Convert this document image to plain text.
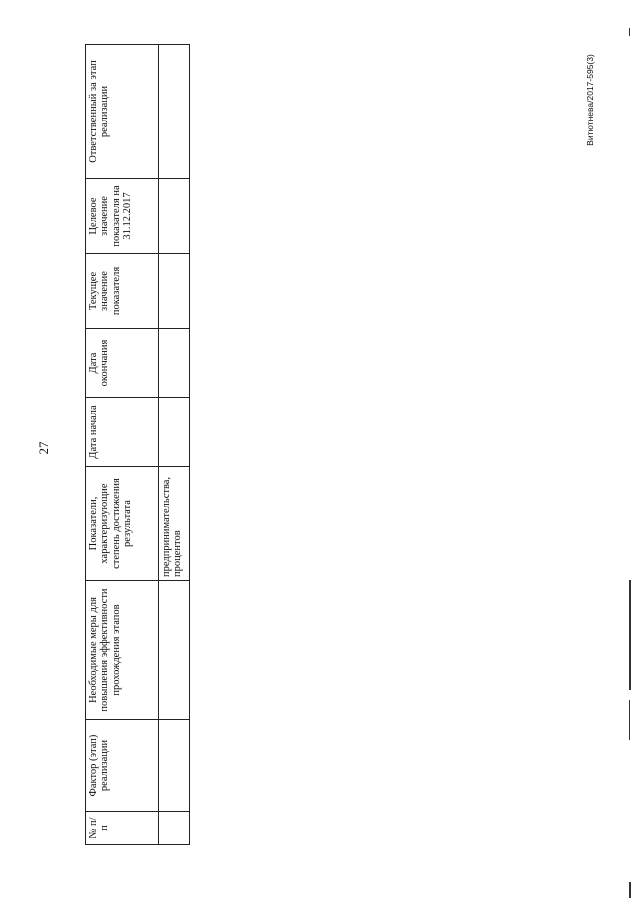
27
Витютнева/2017-595(3)
№ п/п	Фактор (этап) реализации	Необходимые меры для повышения эффективности прохождения этапов	Показатели, характеризующие степень достижения результата	Дата начала	Дата окончания	Текущее значение показателя	Целевое значение показателя на 31.12.2017	Ответственный за этап реализации
			предпринимательства, процентов					
